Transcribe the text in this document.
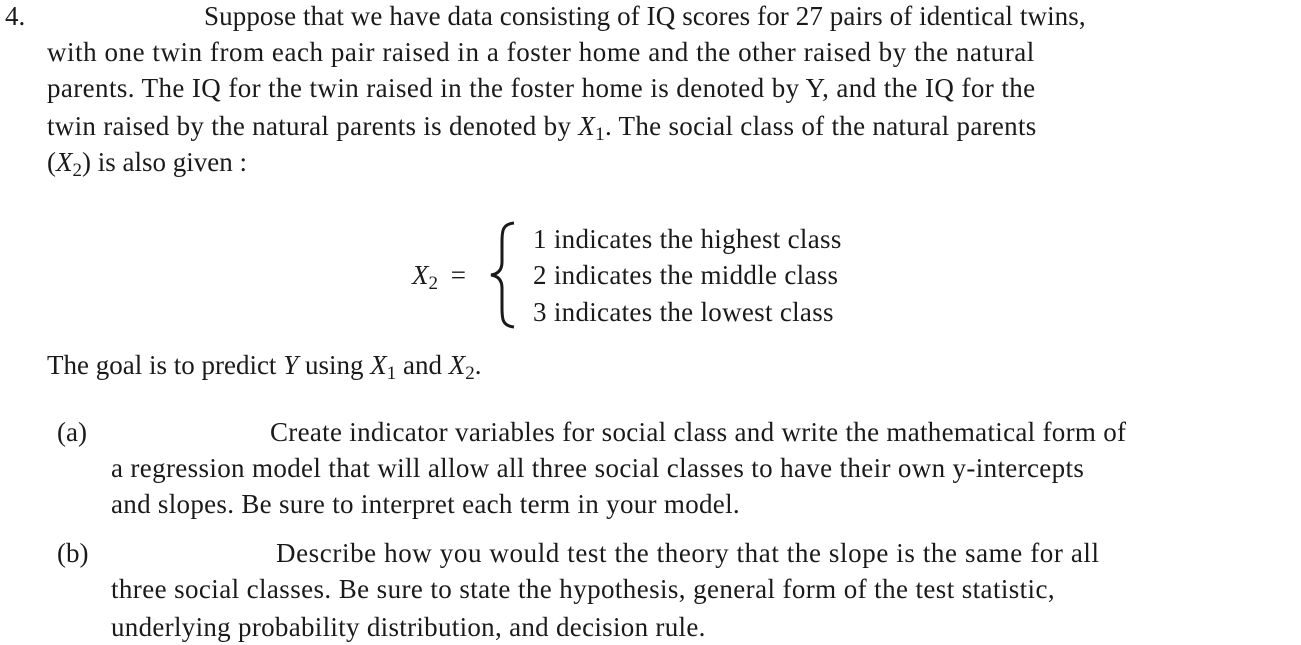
4.	Suppose that we have data consisting of IQ scores for 27 pairs of identical twins,
with one twin from each pair raised in a foster home and the other raised by the natural
parents. The IQ for the twin raised in the foster home is denoted by Y, and the IQ for the
twin raised by the natural parents is denoted by $X_1$. The social class of the natural parents
$(X_2)$ is also given :
$X_2$ =
1 indicates the highest class
2 indicates the middle class
3 indicates the lowest class
The goal is to predict Y using $X_1$ and $X_2$.
(a)	Create indicator variables for social class and write the mathematical form of
a regression model that will allow all three social classes to have their own y-intercepts
and slopes. Be sure to interpret each term in your model.
(b)	Describe how you would test the theory that the slope is the same for all
three social classes. Be sure to state the hypothesis, general form of the test statistic,
underlying probability distribution, and decision rule.
